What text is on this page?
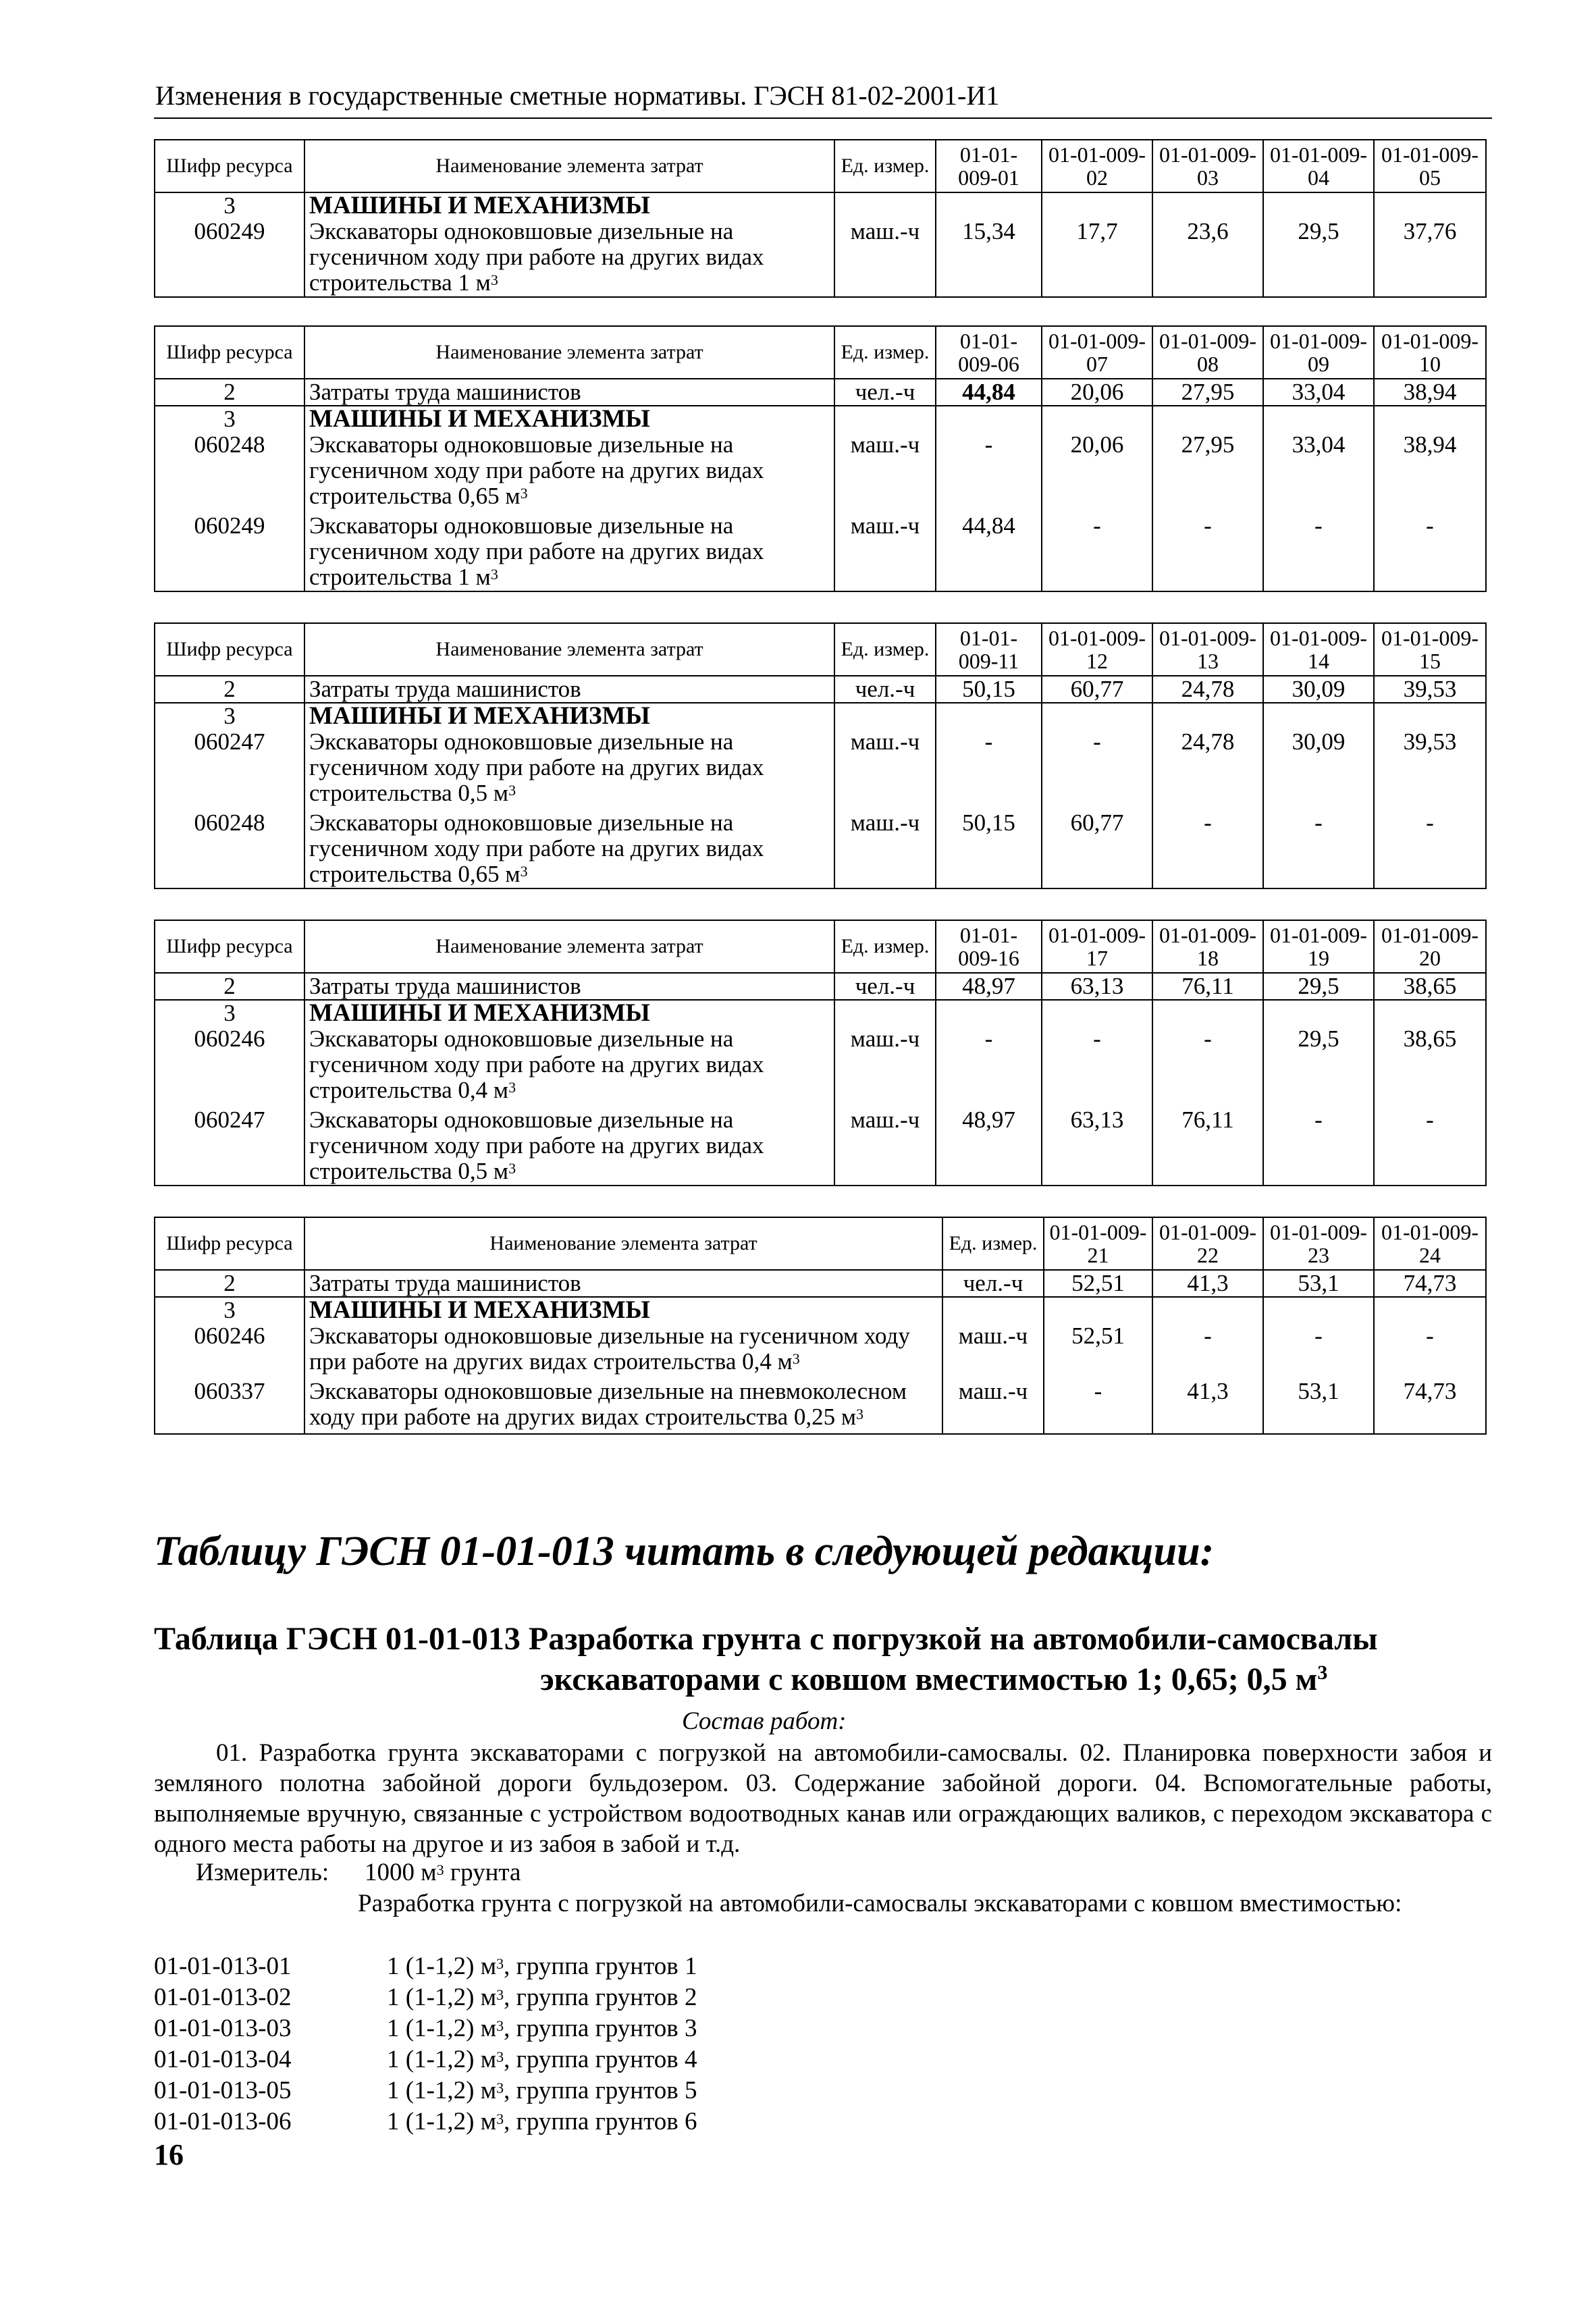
Изменения в государственные сметные нормативы. ГЭСН 81-02-2001-И1
Шифр ресурса	Наименование элемента затрат	Ед. измер.	01-01-009-01	01-01-009-02	01-01-009-03	01-01-009-04	01-01-009-05
3	МАШИНЫ И МЕХАНИЗМЫ						
060249	Экскаваторы одноковшовые дизельные на гусеничном ходу при работе на других видах строительства 1 $м^3$	маш.-ч	15,34	17,7	23,6	29,5	37,76
Шифр ресурса	Наименование элемента затрат	Ед. измер.	01-01-009-06	01-01-009-07	01-01-009-08	01-01-009-09	01-01-009-10
2	Затраты труда машинистов	чел.-ч	44,84	20,06	27,95	33,04	38,94
3	МАШИНЫ И МЕХАНИЗМЫ						
060248	Экскаваторы одноковшовые дизельные на гусеничном ходу при работе на других видах строительства 0,65 $м^3$	маш.-ч	-	20,06	27,95	33,04	38,94
060249	Экскаваторы одноковшовые дизельные на гусеничном ходу при работе на других видах строительства 1 $м^3$	маш.-ч	44,84	-	-	-	-
Шифр ресурса	Наименование элемента затрат	Ед. измер.	01-01-009-11	01-01-009-12	01-01-009-13	01-01-009-14	01-01-009-15
2	Затраты труда машинистов	чел.-ч	50,15	60,77	24,78	30,09	39,53
3	МАШИНЫ И МЕХАНИЗМЫ						
060247	Экскаваторы одноковшовые дизельные на гусеничном ходу при работе на других видах строительства 0,5 $м^3$	маш.-ч	-	-	24,78	30,09	39,53
060248	Экскаваторы одноковшовые дизельные на гусеничном ходу при работе на других видах строительства 0,65 $м^3$	маш.-ч	50,15	60,77	-	-	-
Шифр ресурса	Наименование элемента затрат	Ед. измер.	01-01-009-16	01-01-009-17	01-01-009-18	01-01-009-19	01-01-009-20
2	Затраты труда машинистов	чел.-ч	48,97	63,13	76,11	29,5	38,65
3	МАШИНЫ И МЕХАНИЗМЫ						
060246	Экскаваторы одноковшовые дизельные на гусеничном ходу при работе на других видах строительства 0,4 $м^3$	маш.-ч	-	-	-	29,5	38,65
060247	Экскаваторы одноковшовые дизельные на гусеничном ходу при работе на других видах строительства 0,5 $м^3$	маш.-ч	48,97	63,13	76,11	-	-
Шифр ресурса	Наименование элемента затрат	Ед. измер.	01-01-009-21	01-01-009-22	01-01-009-23	01-01-009-24
2	Затраты труда машинистов	чел.-ч	52,51	41,3	53,1	74,73
3	МАШИНЫ И МЕХАНИЗМЫ					
060246	Экскаваторы одноковшовые дизельные на гусеничном ходу при работе на других видах строительства 0,4 $м^3$	маш.-ч	52,51	-	-	-
060337	Экскаваторы одноковшовые дизельные на пневмоколесном ходу при работе на других видах строительства 0,25 $м^3$	маш.-ч	-	41,3	53,1	74,73
Таблицу ГЭСН 01-01-013 читать в следующей редакции:
Таблица ГЭСН 01-01-013 Разработка грунта с погрузкой на автомобили-самосвалы
экскаваторами с ковшом вместимостью 1; 0,65; 0,5 $м^3$
Состав работ:
01. Разработка грунта экскаваторами с погрузкой на автомобили-самосвалы. 02. Планировка поверхности забоя и земляного полотна забойной дороги бульдозером. 03. Содержание забойной дороги. 04. Вспомогательные работы, выполняемые вручную, связанные с устройством водоотводных канав или ограждающих валиков, с переходом экскаватора с одного места работы на другое и из забоя в забой и т.д.
Измеритель: 1000 $м^3$ грунта
Разработка грунта с погрузкой на автомобили-самосвалы экскаваторами с ковшом вместимостью:
01-01-013-01	1 (1-1,2) $м^3$, группа грунтов 1
01-01-013-02	1 (1-1,2) $м^3$, группа грунтов 2
01-01-013-03	1 (1-1,2) $м^3$, группа грунтов 3
01-01-013-04	1 (1-1,2) $м^3$, группа грунтов 4
01-01-013-05	1 (1-1,2) $м^3$, группа грунтов 5
01-01-013-06	1 (1-1,2) $м^3$, группа грунтов 6
16
